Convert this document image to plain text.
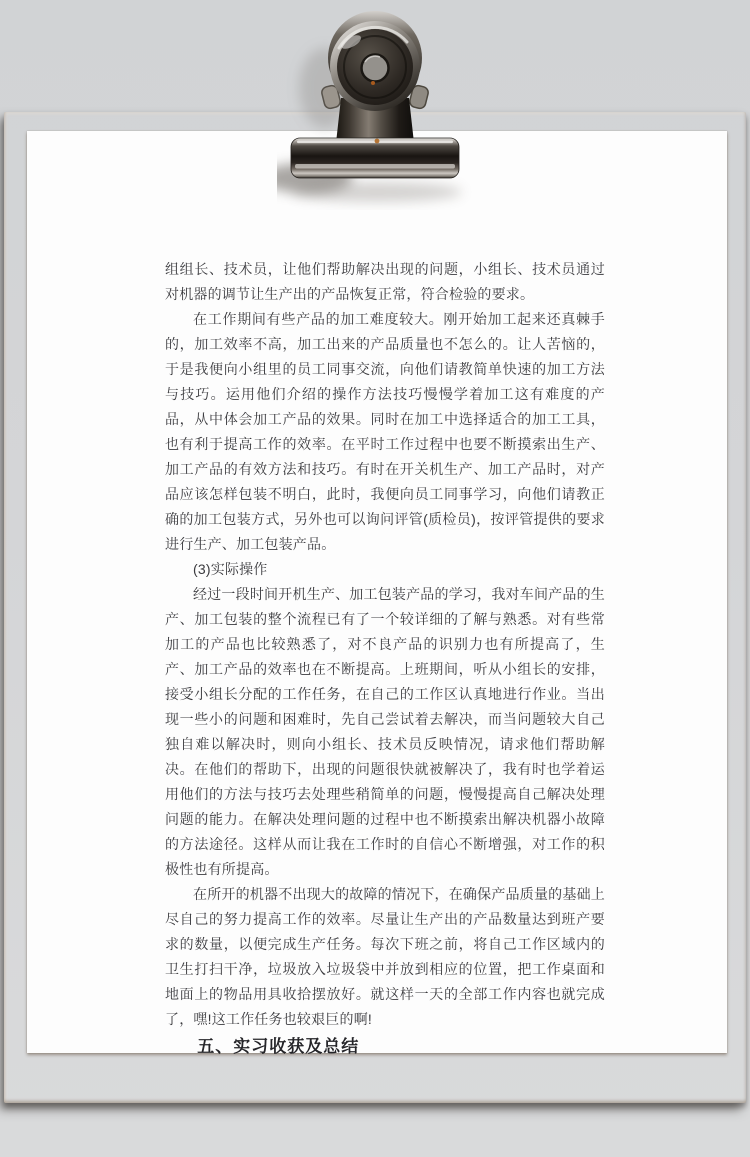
组组长、技术员，让他们帮助解决出现的问题，小组长、技术员通过对机器的调节让生产出的产品恢复正常，符合检验的要求。

在工作期间有些产品的加工难度较大。刚开始加工起来还真棘手的，加工效率不高，加工出来的产品质量也不怎么的。让人苦恼的，于是我便向小组里的员工同事交流，向他们请教简单快速的加工方法与技巧。运用他们介绍的操作方法技巧慢慢学着加工这有难度的产品，从中体会加工产品的效果。同时在加工中选择适合的加工工具，也有利于提高工作的效率。在平时工作过程中也要不断摸索出生产、加工产品的有效方法和技巧。有时在开关机生产、加工产品时，对产品应该怎样包装不明白，此时，我便向员工同事学习，向他们请教正确的加工包装方式，另外也可以询问评管(质检员)，按评管提供的要求进行生产、加工包装产品。

(3)实际操作

经过一段时间开机生产、加工包装产品的学习，我对车间产品的生产、加工包装的整个流程已有了一个较详细的了解与熟悉。对有些常加工的产品也比较熟悉了，对不良产品的识别力也有所提高了，生产、加工产品的效率也在不断提高。上班期间，听从小组长的安排，接受小组长分配的工作任务，在自己的工作区认真地进行作业。当出现一些小的问题和困难时，先自己尝试着去解决，而当问题较大自己独自难以解决时，则向小组长、技术员反映情况，请求他们帮助解决。在他们的帮助下，出现的问题很快就被解决了，我有时也学着运用他们的方法与技巧去处理些稍简单的问题，慢慢提高自己解决处理问题的能力。在解决处理问题的过程中也不断摸索出解决机器小故障的方法途径。这样从而让我在工作时的自信心不断增强，对工作的积极性也有所提高。

在所开的机器不出现大的故障的情况下，在确保产品质量的基础上尽自己的努力提高工作的效率。尽量让生产出的产品数量达到班产要求的数量，以便完成生产任务。每次下班之前，将自己工作区域内的卫生打扫干净，垃圾放入垃圾袋中并放到相应的位置，把工作桌面和地面上的物品用具收拾摆放好。就这样一天的全部工作内容也就完成了，嘿!这工作任务也较艰巨的啊!

五、实习收获及总结
